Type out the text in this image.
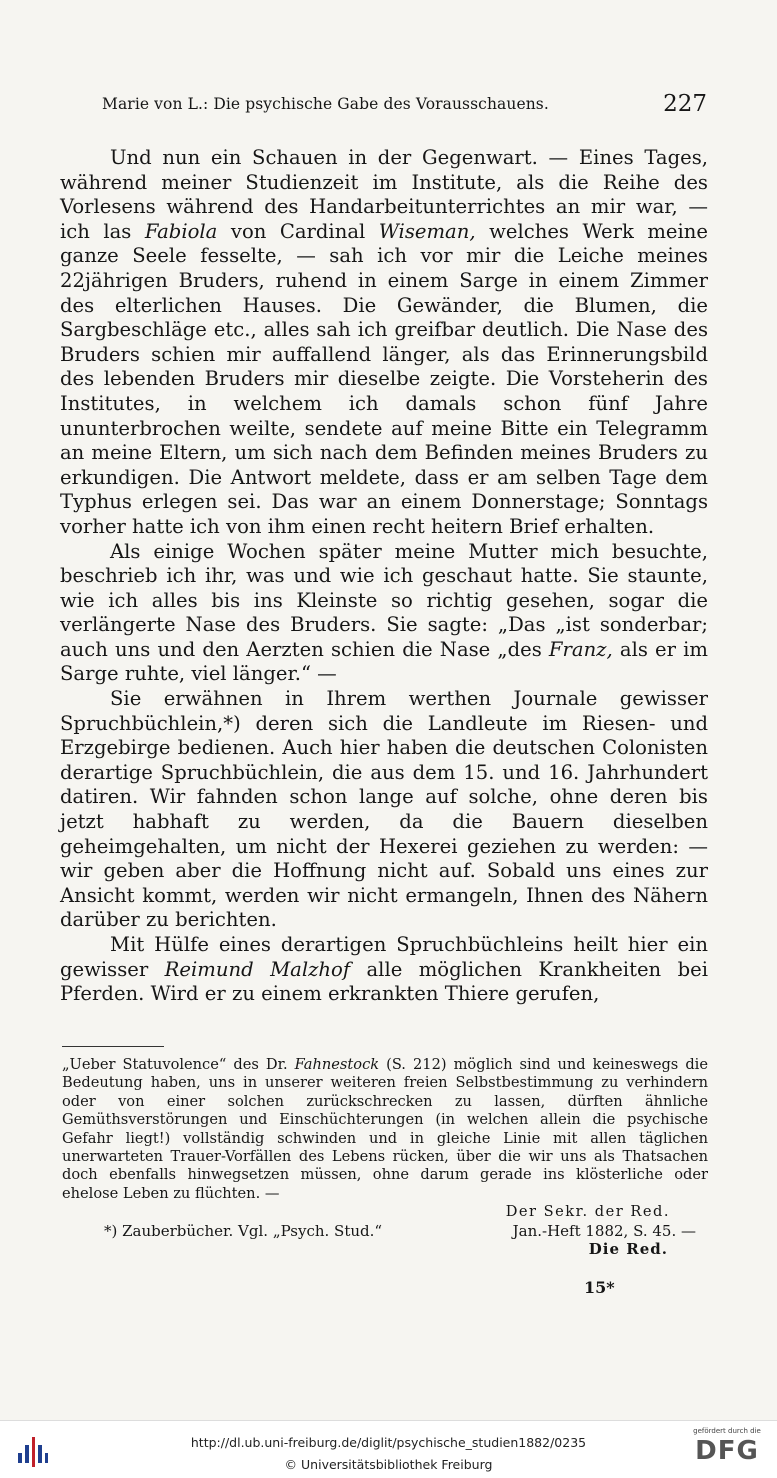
Marie von L.: Die psychische Gabe des Vorausschauens.	227

Und nun ein Schauen in der Gegenwart. — Eines Tages, während meiner Studienzeit im Institute, als die Reihe des Vorlesens während des Handarbeitunterrichtes an mir war, — ich las Fabiola von Cardinal Wiseman, welches Werk meine ganze Seele fesselte, — sah ich vor mir die Leiche meines 22jährigen Bruders, ruhend in einem Sarge in einem Zimmer des elterlichen Hauses. Die Gewänder, die Blumen, die Sargbeschläge etc., alles sah ich greifbar deutlich. Die Nase des Bruders schien mir auffallend länger, als das Erinnerungsbild des lebenden Bruders mir dieselbe zeigte. Die Vorsteherin des Institutes, in welchem ich damals schon fünf Jahre ununterbrochen weilte, sendete auf meine Bitte ein Telegramm an meine Eltern, um sich nach dem Befinden meines Bruders zu erkundigen. Die Antwort meldete, dass er am selben Tage dem Typhus erlegen sei. Das war an einem Donnerstage; Sonntags vorher hatte ich von ihm einen recht heitern Brief erhalten.

Als einige Wochen später meine Mutter mich besuchte, beschrieb ich ihr, was und wie ich geschaut hatte. Sie staunte, wie ich alles bis ins Kleinste so richtig gesehen, sogar die verlängerte Nase des Bruders. Sie sagte: „Das „ist sonderbar; auch uns und den Aerzten schien die Nase „des Franz, als er im Sarge ruhte, viel länger.“ —

Sie erwähnen in Ihrem werthen Journale gewisser Spruchbüchlein,*) deren sich die Landleute im Riesen- und Erzgebirge bedienen. Auch hier haben die deutschen Colonisten derartige Spruchbüchlein, die aus dem 15. und 16. Jahrhundert datiren. Wir fahnden schon lange auf solche, ohne deren bis jetzt habhaft zu werden, da die Bauern dieselben geheimgehalten, um nicht der Hexerei geziehen zu werden: — wir geben aber die Hoffnung nicht auf. Sobald uns eines zur Ansicht kommt, werden wir nicht ermangeln, Ihnen des Nähern darüber zu berichten.

Mit Hülfe eines derartigen Spruchbüchleins heilt hier ein gewisser Reimund Malzhof alle möglichen Krankheiten bei Pferden. Wird er zu einem erkrankten Thiere gerufen,

„Ueber Statuvolence“ des Dr. Fahnestock (S. 212) möglich sind und keineswegs die Bedeutung haben, uns in unserer weiteren freien Selbstbestimmung zu verhindern oder von einer solchen zurückschrecken zu lassen, dürften ähnliche Gemüthsverstörungen und Einschüchterungen (in welchen allein die psychische Gefahr liegt!) vollständig schwinden und in gleiche Linie mit allen täglichen unerwarteten Trauer-Vorfällen des Lebens rücken, über die wir uns als Thatsachen doch ebenfalls hinwegsetzen müssen, ohne darum gerade ins klösterliche oder ehelose Leben zu flüchten. —

Der Sekr. der Red.
*) Zauberbücher. Vgl. „Psych. Stud.“	Jan.-Heft 1882, S. 45. —
Die Red.
15*
http://dl.ub.uni-freiburg.de/diglit/psychische_studien1882/0235
© Universitätsbibliothek Freiburg
gefördert durch die
DFG
